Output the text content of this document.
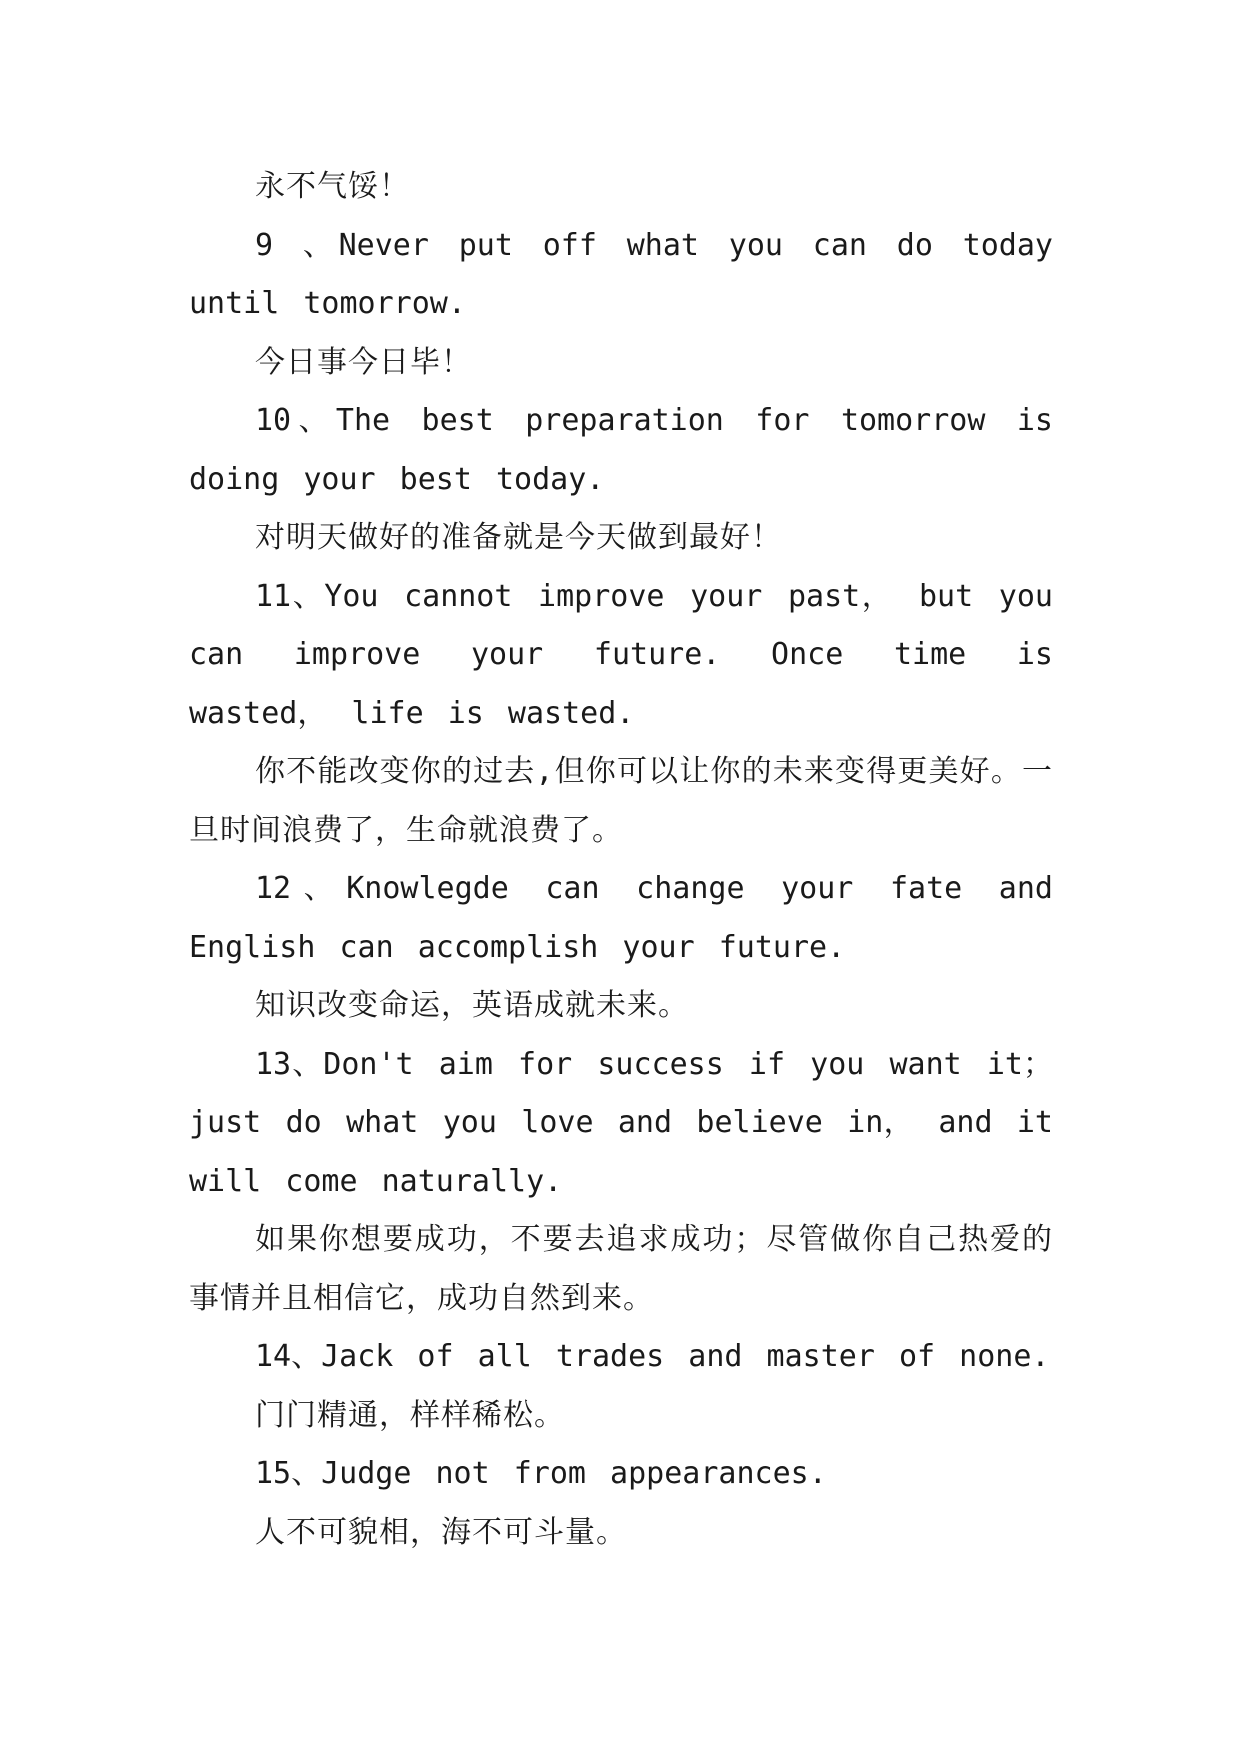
永不气馁！

9 、Never put off what you can do today until tomorrow.

今日事今日毕！

10、The best preparation for tomorrow is doing your best today.

对明天做好的准备就是今天做到最好！

11、You cannot improve your past， but you can improve your future. Once time is wasted， life is wasted.

你不能改变你的过去,但你可以让你的未来变得更美好。一旦时间浪费了，生命就浪费了。

12、Knowlegde can change your fate and English can accomplish your future.

知识改变命运，英语成就未来。

13、Don't aim for success if you want it；just do what you love and believe in， and it will come naturally.

如果你想要成功，不要去追求成功；尽管做你自己热爱的事情并且相信它，成功自然到来。

14、Jack of all trades and master of none.

门门精通，样样稀松。

15、Judge not from appearances.

人不可貌相，海不可斗量。
